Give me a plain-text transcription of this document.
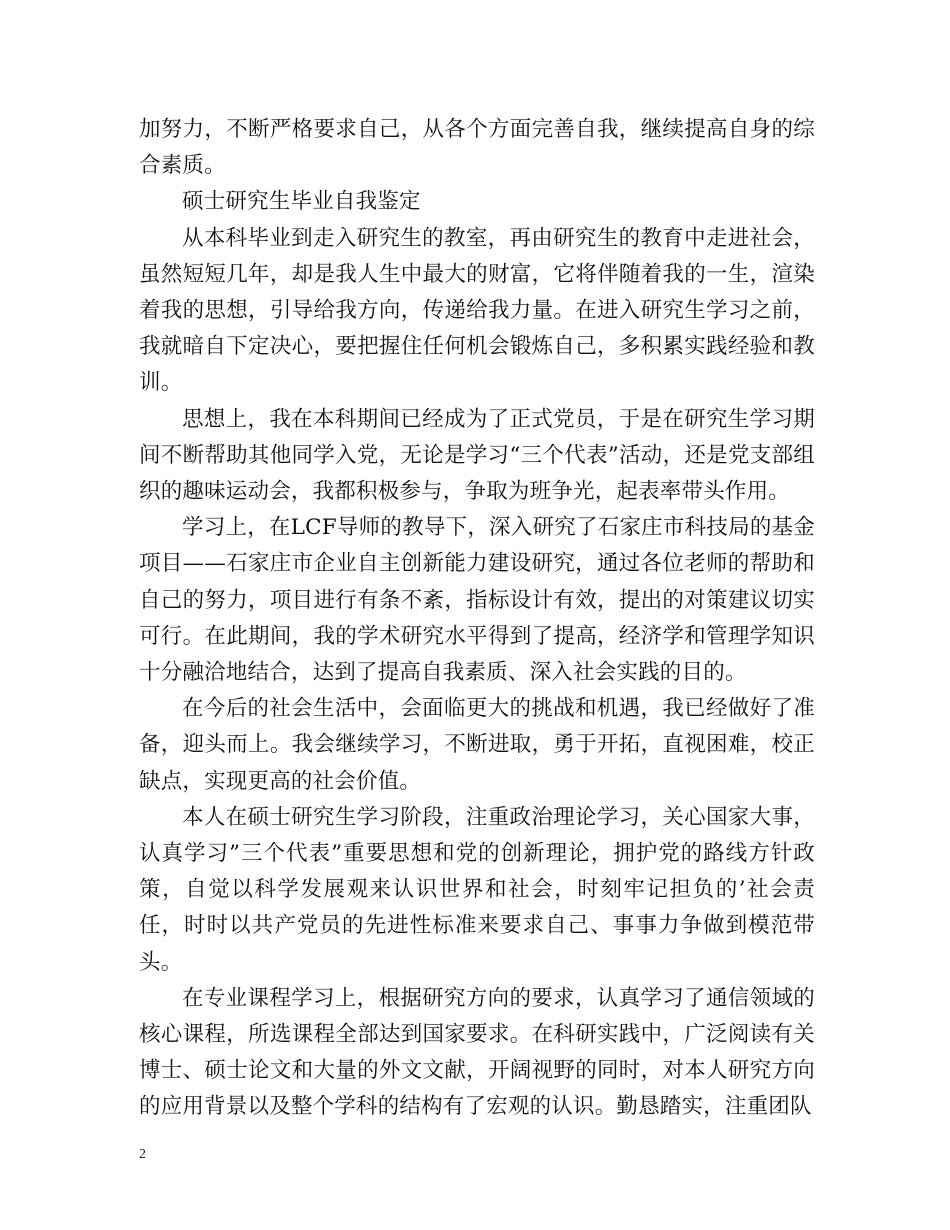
加努力，不断严格要求自己，从各个方面完善自我，继续提高自身的综合素质。

硕士研究生毕业自我鉴定

从本科毕业到走入研究生的教室，再由研究生的教育中走进社会，虽然短短几年，却是我人生中最大的财富，它将伴随着我的一生，渲染着我的思想，引导给我方向，传递给我力量。在进入研究生学习之前，我就暗自下定决心，要把握住任何机会锻炼自己，多积累实践经验和教训。

思想上，我在本科期间已经成为了正式党员，于是在研究生学习期间不断帮助其他同学入党，无论是学习“三个代表”活动，还是党支部组织的趣味运动会，我都积极参与，争取为班争光，起表率带头作用。

学习上，在LCF导师的教导下，深入研究了石家庄市科技局的基金项目——石家庄市企业自主创新能力建设研究，通过各位老师的帮助和自己的努力，项目进行有条不紊，指标设计有效，提出的对策建议切实可行。在此期间，我的学术研究水平得到了提高，经济学和管理学知识十分融洽地结合，达到了提高自我素质、深入社会实践的目的。

在今后的社会生活中，会面临更大的挑战和机遇，我已经做好了准备，迎头而上。我会继续学习，不断进取，勇于开拓，直视困难，校正缺点，实现更高的社会价值。

本人在硕士研究生学习阶段，注重政治理论学习，关心国家大事，认真学习”三个代表”重要思想和党的创新理论，拥护党的路线方针政策，自觉以科学发展观来认识世界和社会，时刻牢记担负的’社会责任，时时以共产党员的先进性标准来要求自己、事事力争做到模范带头。

在专业课程学习上，根据研究方向的要求，认真学习了通信领域的核心课程，所选课程全部达到国家要求。在科研实践中，广泛阅读有关博士、硕士论文和大量的外文文献，开阔视野的同时，对本人研究方向的应用背景以及整个学科的结构有了宏观的认识。勤恳踏实，注重团队

2
